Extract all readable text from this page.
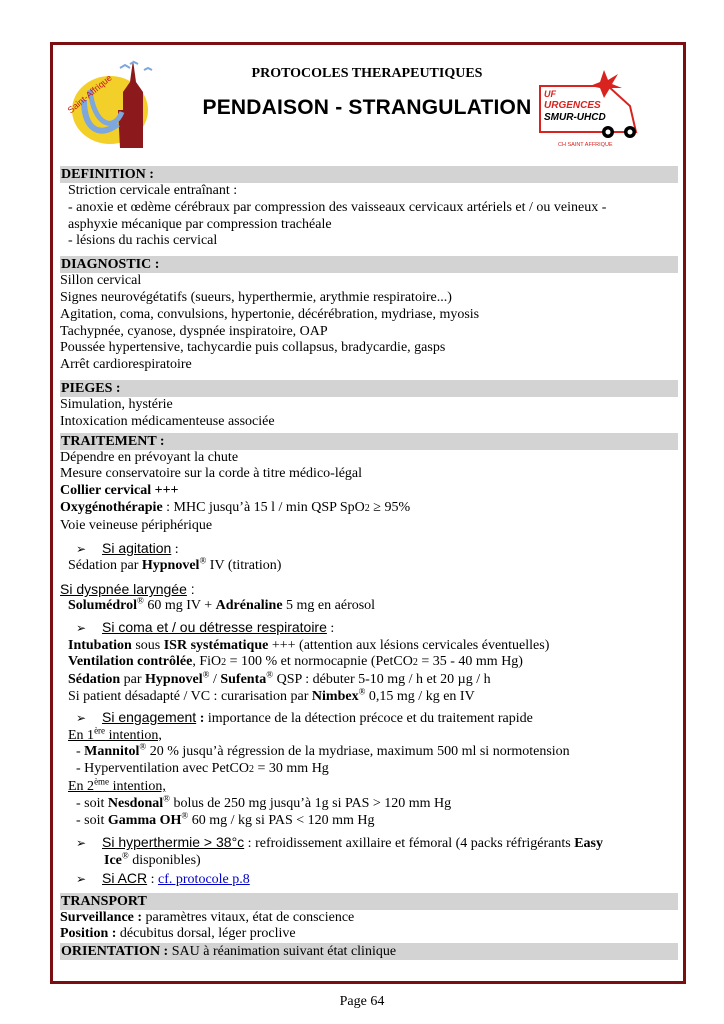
Saint-Affrique	PROTOCOLES THERAPEUTIQUES
PENDAISON - STRANGULATION
UF
URGENCES
SMUR-UHCD
CH SAINT AFFRIQUE
DEFINITION :
Striction cervicale entraînant :
- anoxie et œdème cérébraux par compression des vaisseaux cervicaux artériels et / ou veineux -
asphyxie mécanique par compression trachéale
- lésions du rachis cervical
DIAGNOSTIC :
Sillon cervical
Signes neurovégétatifs (sueurs, hyperthermie, arythmie respiratoire...)
Agitation, coma, convulsions, hypertonie, décérébration, mydriase, myosis
Tachypnée, cyanose, dyspnée inspiratoire, OAP
Poussée hypertensive, tachycardie puis collapsus, bradycardie, gasps
Arrêt cardiorespiratoire
PIEGES :
Simulation, hystérie
Intoxication médicamenteuse associée
TRAITEMENT :
Dépendre en prévoyant la chute
Mesure conservatoire sur la corde à titre médico-légal
Collier cervical +++
Oxygénothérapie : MHC jusqu’à 15 l / min QSP SpO2 ≥ 95%
Voie veineuse périphérique
➢ Si agitation :
Sédation par Hypnovel® IV (titration)
Si dyspnée laryngée :
Solumédrol® 60 mg IV + Adrénaline 5 mg en aérosol
➢ Si coma et / ou détresse respiratoire :
Intubation sous ISR systématique +++ (attention aux lésions cervicales éventuelles)
Ventilation contrôlée, FiO2 = 100 % et normocapnie (PetCO2 = 35 - 40 mm Hg)
Sédation par Hypnovel® / Sufenta® QSP : débuter 5-10 mg / h et 20 µg / h
Si patient désadapté / VC : curarisation par Nimbex® 0,15 mg / kg en IV
➢ Si engagement : importance de la détection précoce et du traitement rapide
En 1ère intention,
- Mannitol® 20 % jusqu’à régression de la mydriase, maximum 500 ml si normotension
- Hyperventilation avec PetCO2 = 30 mm Hg
En 2ème intention,
- soit Nesdonal® bolus de 250 mg jusqu’à 1g si PAS > 120 mm Hg
- soit Gamma OH® 60 mg / kg si PAS < 120 mm Hg
➢ Si hyperthermie > 38°c : refroidissement axillaire et fémoral (4 packs réfrigérants Easy
Ice® disponibles)
➢ Si ACR : cf. protocole p.8
TRANSPORT
Surveillance : paramètres vitaux, état de conscience
Position : décubitus dorsal, léger proclive
ORIENTATION : SAU à réanimation suivant état clinique
Page 64
